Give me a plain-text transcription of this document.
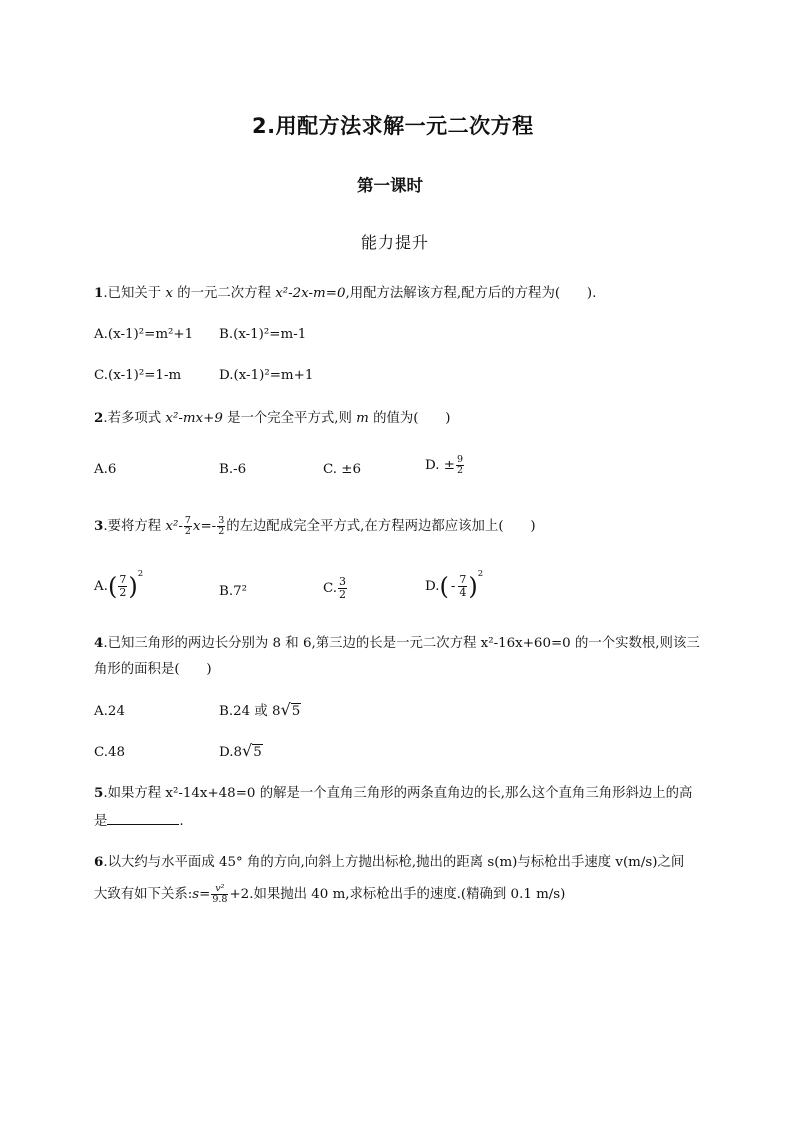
2.用配方法求解一元二次方程
第一课时
能力提升
1.已知关于 x 的一元二次方程 x²-2x-m=0,用配方法解该方程,配方后的方程为(　　).
A.(x-1)²=m²+1 B.(x-1)²=m-1
C.(x-1)²=1-m	D.(x-1)²=m+1
2.若多项式 x²-mx+9 是一个完全平方式,则 m 的值为(　　)
A.6	B.-6	C. ±6	D. ± $\frac{9}{2}$
3.要将方程 $x^2- \frac{7}{2} x=- \frac{3}{2}$ 的左边配成完全平方式,在方程两边都应该加上(　　)
$A.( \frac{7}{2} )^2$
B.7²	C. $\frac{3}{2}$	$D.( - \frac{7}{4} )^2$
4.已知三角形的两边长分别为 8 和 6,第三边的长是一元二次方程 x²-16x+60=0 的一个实数根,则该三
角形的面积是(　　)
A.24	B.24 或 8√5
C.48	D.8√5
5.如果方程 x²-14x+48=0 的解是一个直角三角形的两条直角边的长,那么这个直角三角形斜边上的高
是	.
6.以大约与水平面成 45° 角的方向,向斜上方抛出标枪,抛出的距离 s(m)与标枪出手速度 v(m/s)之间
大致有如下关系:s= $\frac{\text{v²}}{9.8} +2$.如果抛出 40 m,求标枪出手的速度.(精确到 0.1 m/s)
